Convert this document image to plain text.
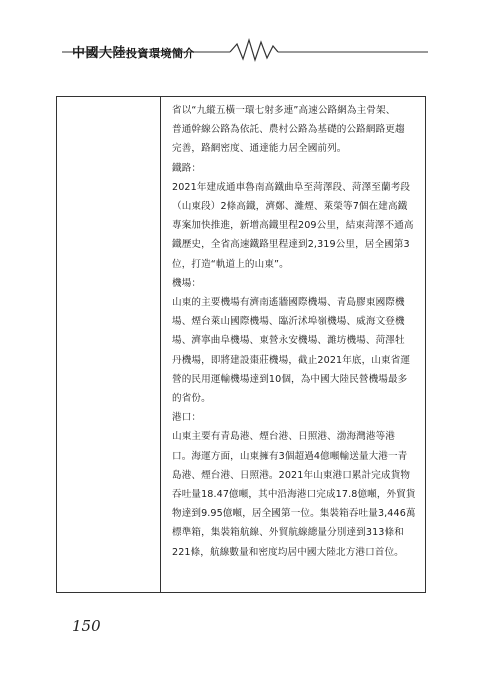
中國大陸投資環境簡介
省以“九縱五橫一環七射多連”高速公路網為主骨架、
普通幹線公路為依託、農村公路為基礎的公路網路更趨
完善，路網密度、通達能力居全國前列。
鐵路：
2021年建成通車魯南高鐵曲阜至菏澤段、菏澤至蘭考段
（山東段）2條高鐵，濟鄭、濰煙、萊榮等7個在建高鐵
專案加快推進，新增高鐵里程209公里，結束菏澤不通高
鐵歷史，全省高速鐵路里程達到2,319公里，居全國第3
位，打造“軌道上的山東”。
機場：
山東的主要機場有濟南遙牆國際機場、青島膠東國際機
場、煙台萊山國際機場、臨沂沭埠嶺機場、威海文登機
場、濟寧曲阜機場、東營永安機場、濰坊機場、菏澤牡
丹機場，即將建設棗莊機場，截止2021年底，山東省運
營的民用運輸機場達到10個，為中國大陸民營機場最多
的省份。
港口：
山東主要有青島港、煙台港、日照港、渤海灣港等港
口。海運方面，山東擁有3個超過4億噸輸送量大港一青
島港、煙台港、日照港。2021年山東港口累計完成貨物
吞吐量18.47億噸，其中沿海港口完成17.8億噸，外貿貨
物達到9.95億噸，居全國第一位。集裝箱吞吐量3,446萬
標準箱，集裝箱航線、外貿航線總量分別達到313條和
221條，航線數量和密度均居中國大陸北方港口首位。
150
